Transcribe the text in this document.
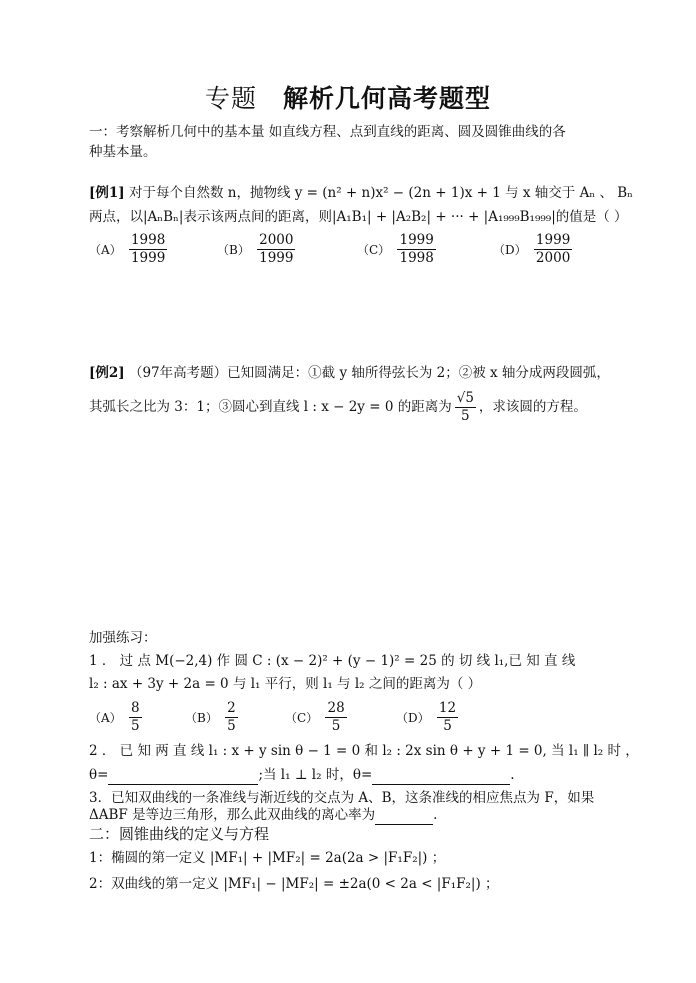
专题 解析几何高考题型
一：考察解析几何中的基本量 如直线方程、点到直线的距离、圆及圆锥曲线的各
种基本量。
[例1] 对于每个自然数 n，抛物线 y = (n² + n)x² − (2n + 1)x + 1 与 x 轴交于 Aₙ 、 Bₙ
两点，以|AₙBₙ|表示该两点间的距离，则|A₁B₁| + |A₂B₂| + ··· + |A₁₉₉₉B₁₉₉₉|的值是（ ）
$(A) \frac{1998}{1999}$	$(B) \frac{2000}{1999}$	$(C) \frac{1999}{1998}$	$(D) \frac{1999}{2000}$
[例2] （97年高考题）已知圆满足：①截 y 轴所得弦长为 2；②被 x 轴分成两段圆弧，
其弧长之比为 3：1；③圆心到直线 l : x − 2y = 0 的距离为 $\frac{√5}{5}$ ，求该圆的方程。
加强练习：
1 ． 过 点 M(−2,4) 作 圆 C : (x − 2)² + (y − 1)² = 25 的 切 线 l₁,已 知 直 线
l₂ : ax + 3y + 2a = 0 与 l₁ 平行，则 l₁ 与 l₂ 之间的距离为（ ）
$(A) \frac{8}{5}$	$(B) \frac{2}{5}$	$(C) \frac{28}{5}$	$(D) \frac{12}{5}$
2 ． 已 知 两 直 线 l₁ : x + y sin θ − 1 = 0 和 l₂ : 2x sin θ + y + 1 = 0, 当 l₁ ∥ l₂ 时 ，
θ=	;当 l₁ ⊥ l₂ 时，θ=	.
3．已知双曲线的一条准线与渐近线的交点为 A、B，这条准线的相应焦点为 F，如果
ΔABF 是等边三角形，那么此双曲线的离心率为	.
二：圆锥曲线的定义与方程
1：椭圆的第一定义 |MF₁| + |MF₂| = 2a(2a > |F₁F₂|) ；
2：双曲线的第一定义 |MF₁| − |MF₂| = ±2a(0 < 2a < |F₁F₂|) ；
